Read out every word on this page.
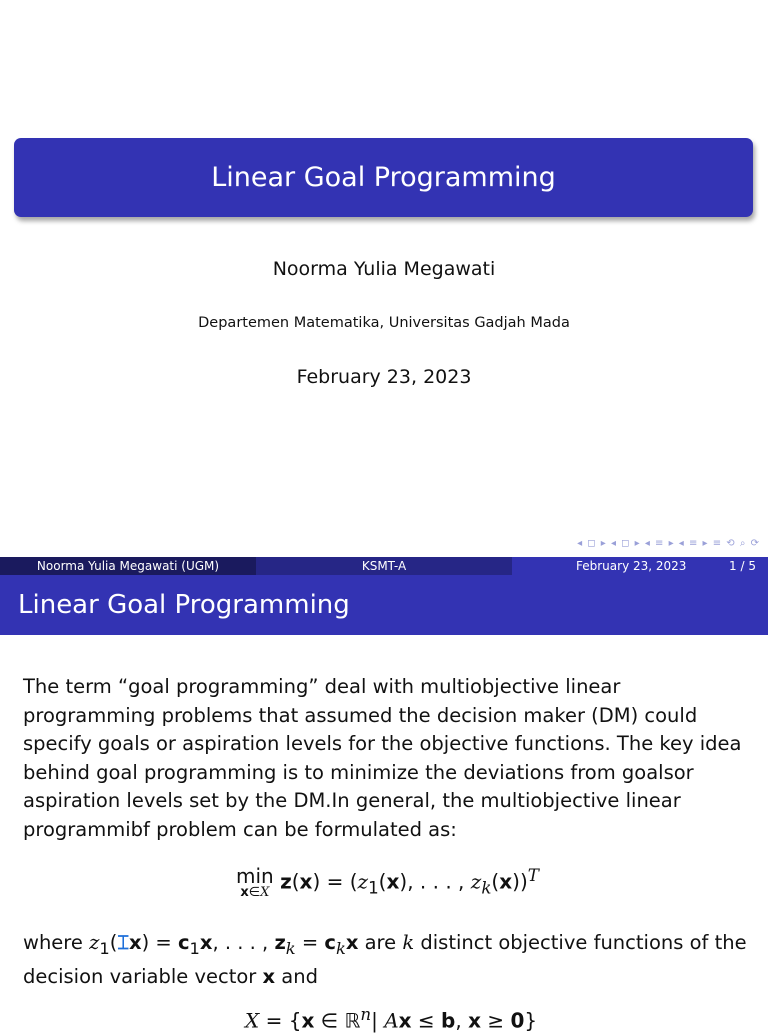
Linear Goal Programming
Noorma Yulia Megawati
Departemen Matematika, Universitas Gadjah Mada
February 23, 2023
◂ ◻ ▸ ◂ ◻ ▸ ◂ ≡ ▸ ◂ ≡ ▸ ≡ ⟲ ⌕ ⟳
Noorma Yulia Megawati (UGM)	KSMT-A	February 23, 2023	1 / 5
Linear Goal Programming
The term “goal programming” deal with multiobjective linear programming problems that assumed the decision maker (DM) could specify goals or aspiration levels for the objective functions. The key idea behind goal programming is to minimize the deviations from goalsor aspiration levels set by the DM.In general, the multiobjective linear programmibf problem can be formulated as:
min
x∈X $z(x) = (z_1(x)$, . . . , $z_k(x))^T$
where $z_1(⌶x) = c_1x$, . . . , $z_k = c_kx$ are k distinct objective functions of the decision variable vector x and
X = {x ∈ ℝ$^n$| Ax ≤ b, x ≥ 0}
